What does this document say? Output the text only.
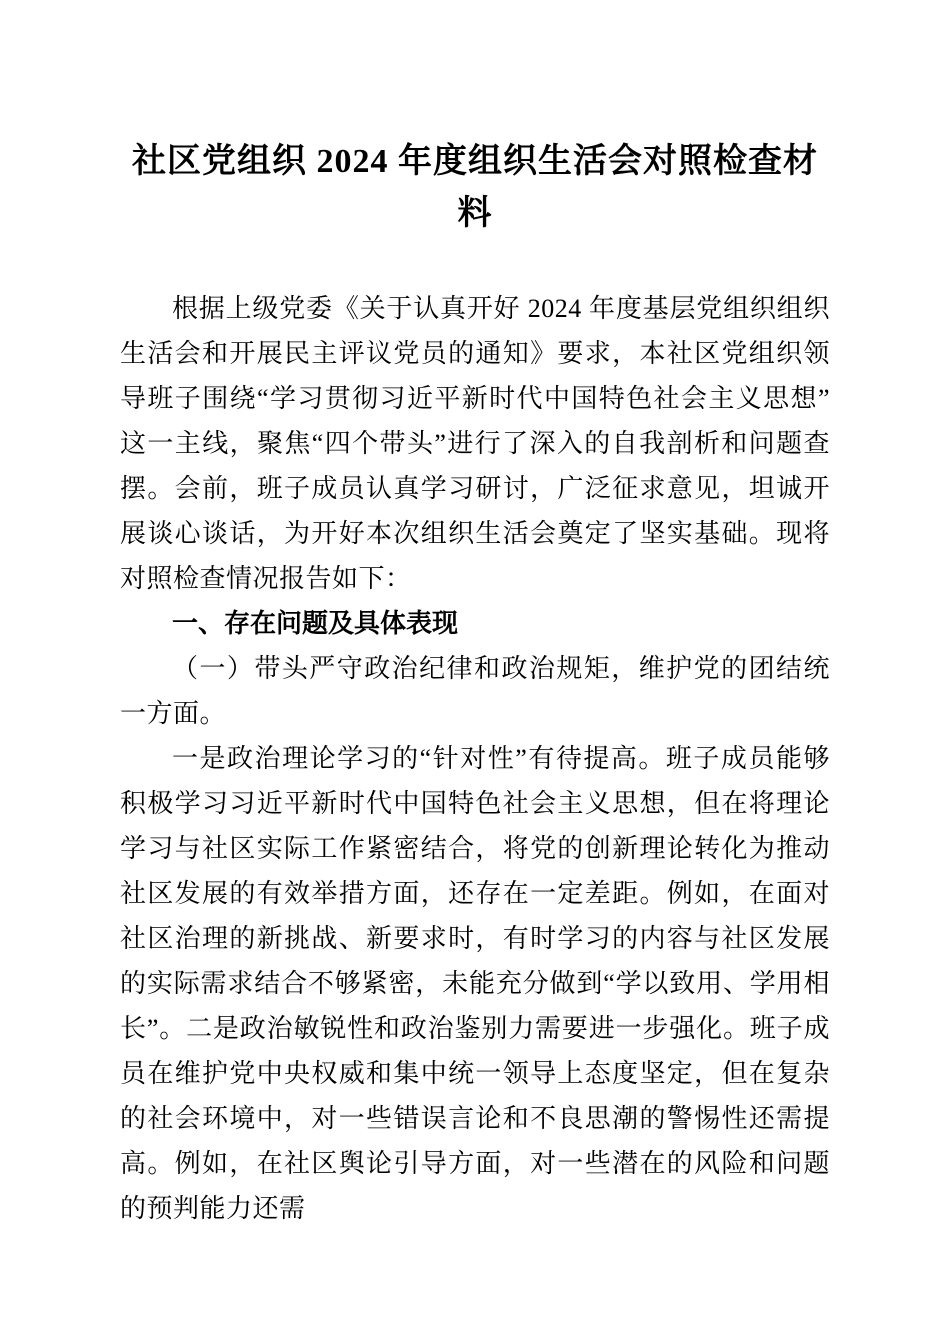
社区党组织 2024 年度组织生活会对照检查材料

根据上级党委《关于认真开好 2024 年度基层党组织组织生活会和开展民主评议党员的通知》要求，本社区党组织领导班子围绕“学习贯彻习近平新时代中国特色社会主义思想”这一主线，聚焦“四个带头”进行了深入的自我剖析和问题查摆。会前，班子成员认真学习研讨，广泛征求意见，坦诚开展谈心谈话，为开好本次组织生活会奠定了坚实基础。现将对照检查情况报告如下：

一、存在问题及具体表现

（一）带头严守政治纪律和政治规矩，维护党的团结统一方面。

一是政治理论学习的“针对性”有待提高。班子成员能够积极学习习近平新时代中国特色社会主义思想，但在将理论学习与社区实际工作紧密结合，将党的创新理论转化为推动社区发展的有效举措方面，还存在一定差距。例如，在面对社区治理的新挑战、新要求时，有时学习的内容与社区发展的实际需求结合不够紧密，未能充分做到“学以致用、学用相长”。二是政治敏锐性和政治鉴别力需要进一步强化。班子成员在维护党中央权威和集中统一领导上态度坚定，但在复杂的社会环境中，对一些错误言论和不良思潮的警惕性还需提高。例如，在社区舆论引导方面，对一些潜在的风险和问题的预判能力还需
